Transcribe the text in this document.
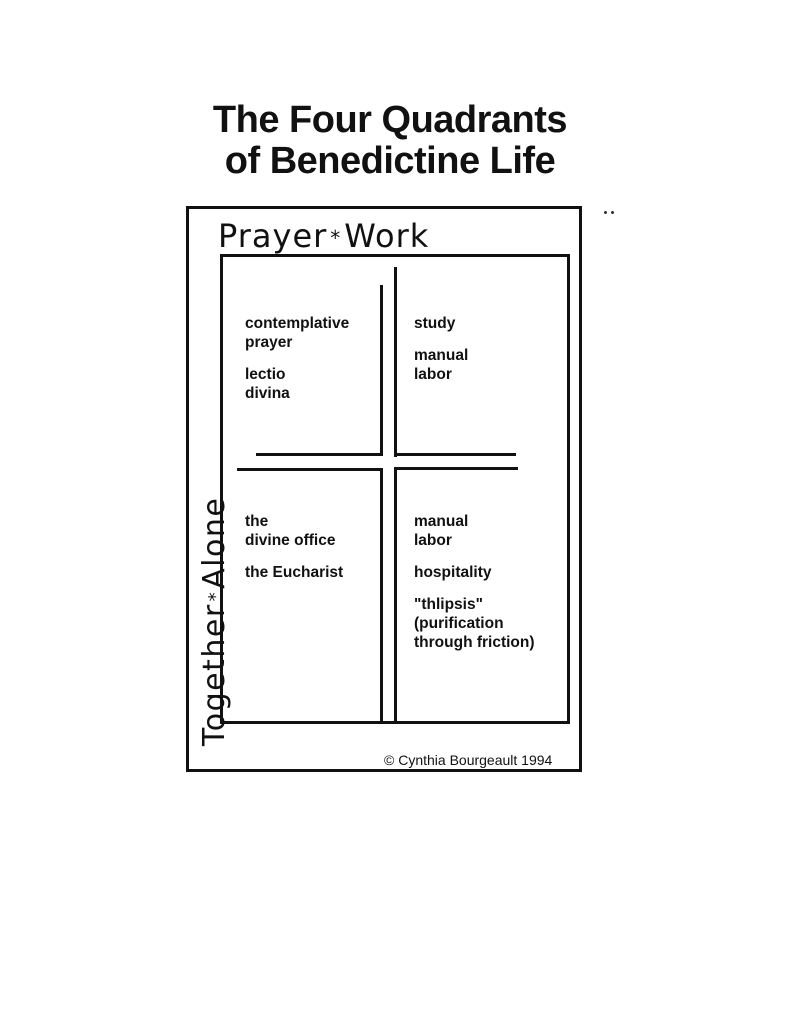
The Four Quadrants
of Benedictine Life
Prayer *Work
Together*Alone
contemplative
prayer
lectio
divina
study
manual
labor
the
divine office
the Eucharist
manual
labor
hospitality
"thlipsis"
(purification
through friction)
© Cynthia Bourgeault 1994
